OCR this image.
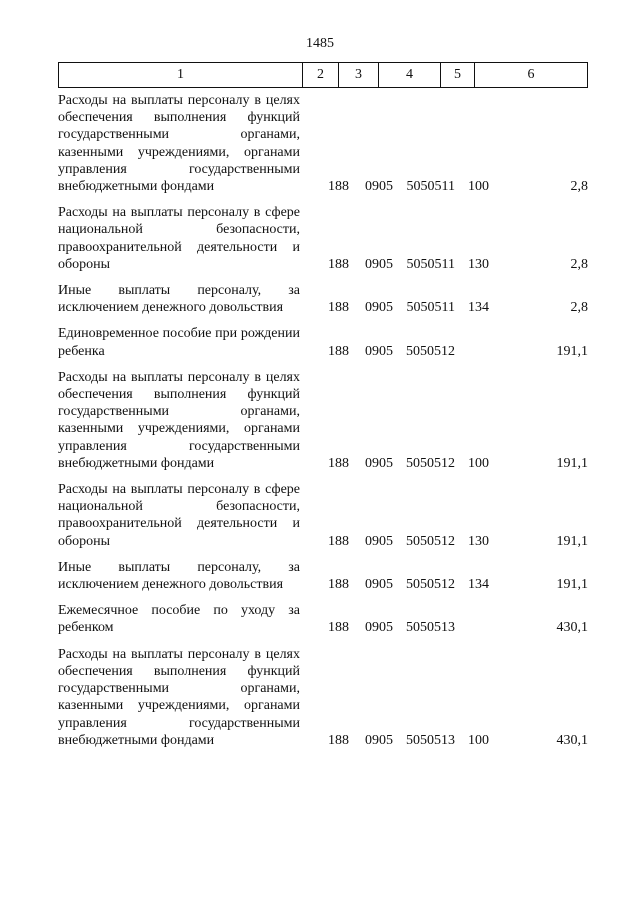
1485
1	2	3	4	5	6
Расходы на выплаты персоналу в целях обеспечения выполнения функций государственными органами, казенными учреждениями, органами управления государственными внебюджетными фондами	188	0905 5050511 100	2,8
Расходы на выплаты персоналу в сфере национальной безопасности, правоохранительной деятельности и обороны	188	0905 5050511 130	2,8
Иные выплаты персоналу, за исключением денежного довольствия	188	0905 5050511 134	2,8
Единовременное пособие при рождении ребенка	188	0905 5050512	191,1
Расходы на выплаты персоналу в целях обеспечения выполнения функций государственными органами, казенными учреждениями, органами управления государственными внебюджетными фондами	188	0905 5050512 100	191,1
Расходы на выплаты персоналу в сфере национальной безопасности, правоохранительной деятельности и обороны	188	0905 5050512 130	191,1
Иные выплаты персоналу, за исключением денежного довольствия	188	0905 5050512 134	191,1
Ежемесячное пособие по уходу за ребенком	188	0905 5050513	430,1
Расходы на выплаты персоналу в целях обеспечения выполнения функций государственными органами, казенными учреждениями, органами управления государственными внебюджетными фондами	188	0905 5050513 100	430,1
